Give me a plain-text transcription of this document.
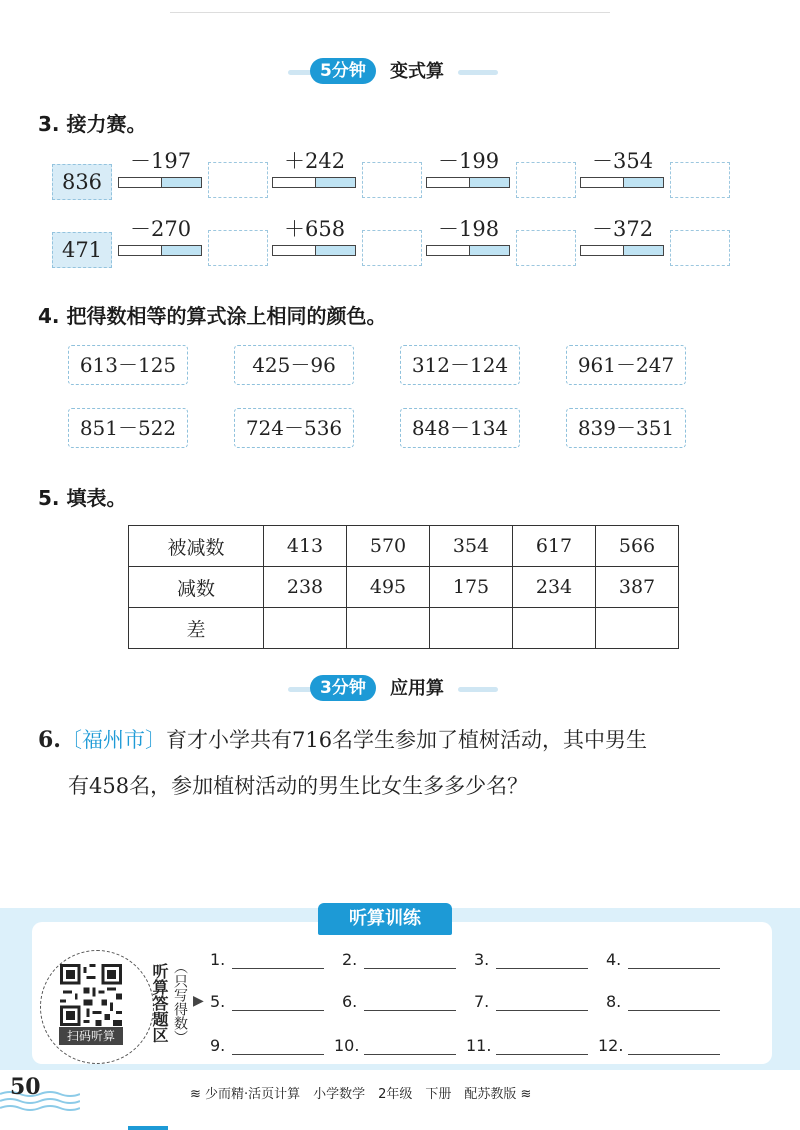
5分钟	变式算
3. 接力赛。
836
－197	＋242	－199	－354
471
－270	＋658	－198	－372
4. 把得数相等的算式涂上相同的颜色。
613－125	425－96	312－124	961－247
851－522	724－536	848－134	839－351
5. 填表。
被减数	413	570	354	617	566
减数	238	495	175	234	387
差					
3分钟	应用算
6.〔福州市〕育才小学共有716名学生参加了植树活动，其中男生
有458名，参加植树活动的男生比女生多多少名？
听算训练
扫码听算	听算答题区 （只写得数） ▶
1.	2.	3.	4.
5.	6.	7.	8.
9.	10.	11.	12.
50	≋ 少而精·活页计算　小学数学　2年级　下册　配苏教版 ≋
